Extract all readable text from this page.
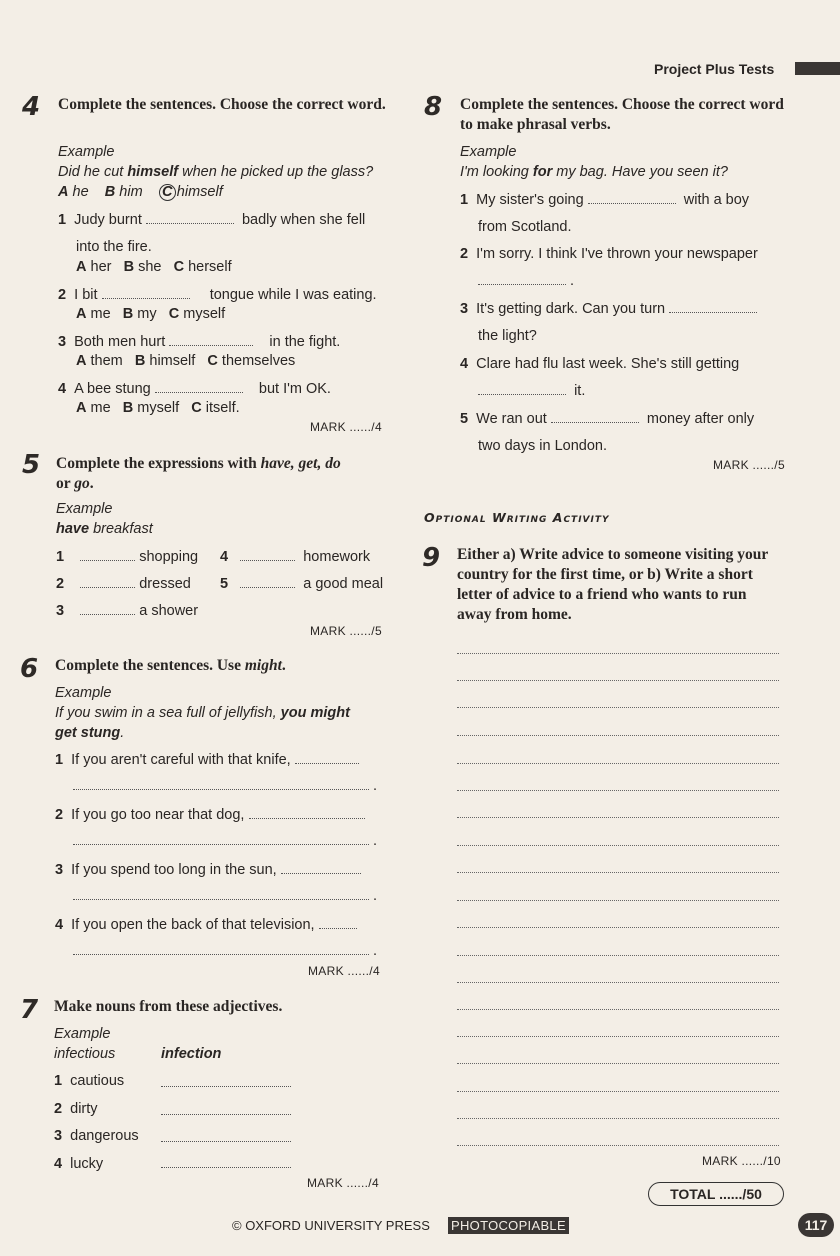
Project Plus Tests
4 Complete the sentences. Choose the correct word.
Example
Did he cut himself when he picked up the glass?
A he B him C himself
1 Judy burnt	badly when she fell
into the fire.
A her B she C herself
2 I bit	tongue while I was eating.
A me B my C myself
3 Both men hurt	in the fight.
A them B himself C themselves
4 A bee stung	but I'm OK.
A me B myself C itself.
MARK ....../4
5 Complete the expressions with have, get, do
or go.
Example
have breakfast
1	shopping 4	homework
2	dressed 5	a good meal
3	a shower
MARK ....../5
6 Complete the sentences. Use might.
Example
If you swim in a sea full of jellyfish, you might
get stung.
1 If you aren't careful with that knife,
.
2 If you go too near that dog,
.
3 If you spend too long in the sun,
.
4 If you open the back of that television,
.
MARK ....../4
7 Make nouns from these adjectives.
Example
infectious	infection
1 cautious
2 dirty
3 dangerous
4 lucky
MARK ....../4
8 Complete the sentences. Choose the correct word to make phrasal verbs.
Example
I'm looking for my bag. Have you seen it?
1 My sister's going	with a boy
from Scotland.
2 I'm sorry. I think I've thrown your newspaper
.
3 It's getting dark. Can you turn
the light?
4 Clare had flu last week. She's still getting
it.
5 We ran out	money after only
two days in London.
MARK ....../5
Optional Writing Activity
9 Either a) Write advice to someone visiting your country for the first time, or b) Write a short letter of advice to a friend who wants to run away from home.
MARK ....../10
TOTAL ....../50
© OXFORD UNIVERSITY PRESS PHOTOCOPIABLE	117
